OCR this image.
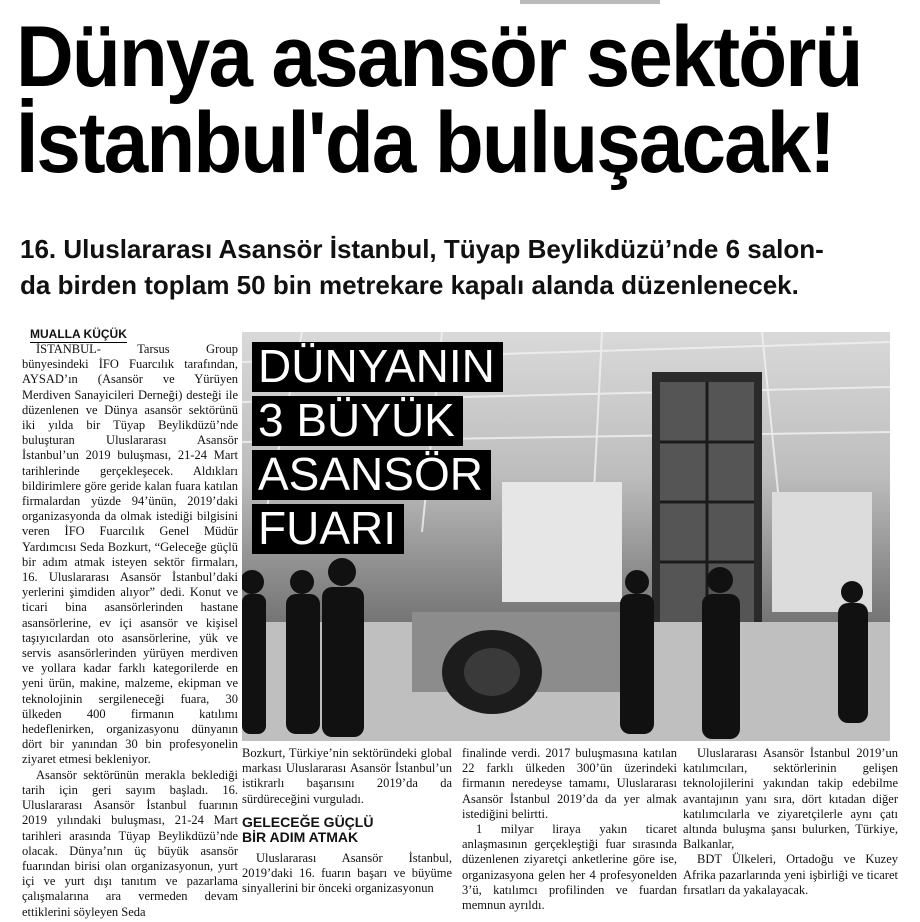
Dünya asansör sektörü
İstanbul'da buluşacak!
16. Uluslararası Asansör İstanbul, Tüyap Beylikdüzü’nde 6 salon-
da birden toplam 50 bin metrekare kapalı alanda düzenlenecek.
MUALLA KÜÇÜK

İSTANBUL- Tarsus Group bünyesindeki İFO Fuarcılık tarafından, AYSAD’ın (Asansör ve Yürüyen Merdiven Sanayicileri Derneği) desteği ile düzenlenen ve Dünya asansör sektörünü iki yılda bir Tüyap Beylikdüzü’nde buluşturan Uluslararası Asansör İstanbul’un 2019 buluşması, 21-24 Mart tarihlerinde gerçekleşecek. Aldıkları bildirimlere göre geride kalan fuara katılan firmalardan yüzde 94’ünün, 2019’daki organizasyonda da olmak istediği bilgisini veren İFO Fuarcılık Genel Müdür Yardımcısı Seda Bozkurt, “Geleceğe güçlü bir adım atmak isteyen sektör firmaları, 16. Uluslararası Asansör İstanbul’daki yerlerini şimdiden alıyor” dedi. Konut ve ticari bina asansörlerinden hastane asansörlerine, ev içi asansör ve kişisel taşıyıcılardan oto asansörlerine, yük ve servis asansörlerinden yürüyen merdiven ve yollara kadar farklı kategorilerde en yeni ürün, makine, malzeme, ekipman ve teknolojinin sergileneceği fuara, 30 ülkeden 400 firmanın katılımı hedeflenirken, organizasyonu dünyanın dört bir yanından 30 bin profesyonelin ziyaret etmesi bekleniyor.

Asansör sektörünün merakla beklediği tarih için geri sayım başladı. 16. Uluslararası Asansör İstanbul fuarının 2019 yılındaki buluşması, 21-24 Mart tarihleri arasında Tüyap Beylikdüzü’nde olacak. Dünya’nın üç büyük asansör fuarından birisi olan organizasyonun, yurt içi ve yurt dışı tanıtım ve pazarlama çalışmalarına ara vermeden devam ettiklerini söyleyen Seda

DÜNYANIN
3 BÜYÜK
ASANSÖR
FUARI

Bozkurt, Türkiye’nin sektöründeki global markası Uluslararası Asansör İstanbul’un istikrarlı başarısını 2019’da da sürdüreceğini vurguladı.

GELECEĞE GÜÇLÜ
BİR ADIM ATMAK

Uluslararası Asansör İstanbul, 2019’daki 16. fuarın başarı ve büyüme sinyallerini bir önceki organizasyonun

finalinde verdi. 2017 buluşmasına katılan 22 farklı ülkeden 300’ün üzerindeki firmanın neredeyse tamamı, Uluslararası Asansör İstanbul 2019’da da yer almak istediğini belirtti.

1 milyar liraya yakın ticaret anlaşmasının gerçekleştiği fuar sırasında düzenlenen ziyaretçi anketlerine göre ise, organizasyona gelen her 4 profesyonelden 3’ü, katılımcı profilinden ve fuardan memnun ayrıldı.

Uluslararası Asansör İstanbul 2019’un katılımcıları, sektörlerinin gelişen teknolojilerini yakından takip edebilme avantajının yanı sıra, dört kıtadan diğer katılımcılarla ve ziyaretçilerle aynı çatı altında buluşma şansı bulurken, Türkiye, Balkanlar,

BDT Ülkeleri, Ortadoğu ve Kuzey Afrika pazarlarında yeni işbirliği ve ticaret fırsatları da yakalayacak.
